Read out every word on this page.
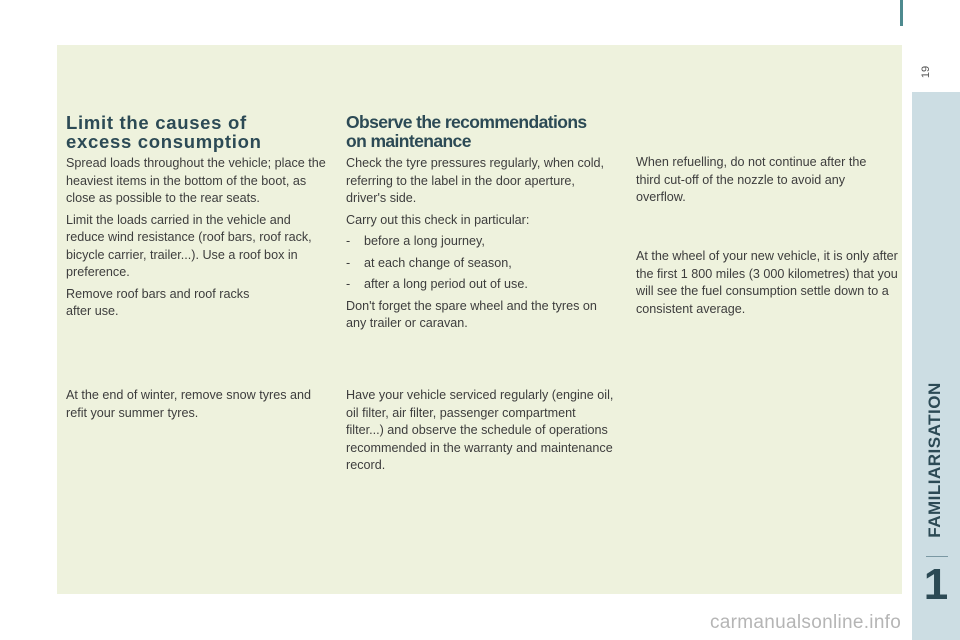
19
Limit the causes of excess consumption

Spread loads throughout the vehicle; place the heaviest items in the bottom of the boot, as close as possible to the rear seats.

Limit the loads carried in the vehicle and reduce wind resistance (roof bars, roof rack, bicycle carrier, trailer...). Use a roof box in preference.

Remove roof bars and roof racks after use.

At the end of winter, remove snow tyres and refit your summer tyres.

Observe the recommendations on maintenance

Check the tyre pressures regularly, when cold, referring to the label in the door aperture, driver's side.

Carry out this check in particular:

- before a long journey,
- at each change of season,
- after a long period out of use.

Don't forget the spare wheel and the tyres on any trailer or caravan.

Have your vehicle serviced regularly (engine oil, oil filter, air filter, passenger compartment filter...) and observe the schedule of operations recommended in the warranty and maintenance record.

When refuelling, do not continue after the third cut-off of the nozzle to avoid any overflow.

At the wheel of your new vehicle, it is only after the first 1 800 miles (3 000 kilometres) that you will see the fuel consumption settle down to a consistent average.

FAMILIARISATION
1
carmanualsonline.info
